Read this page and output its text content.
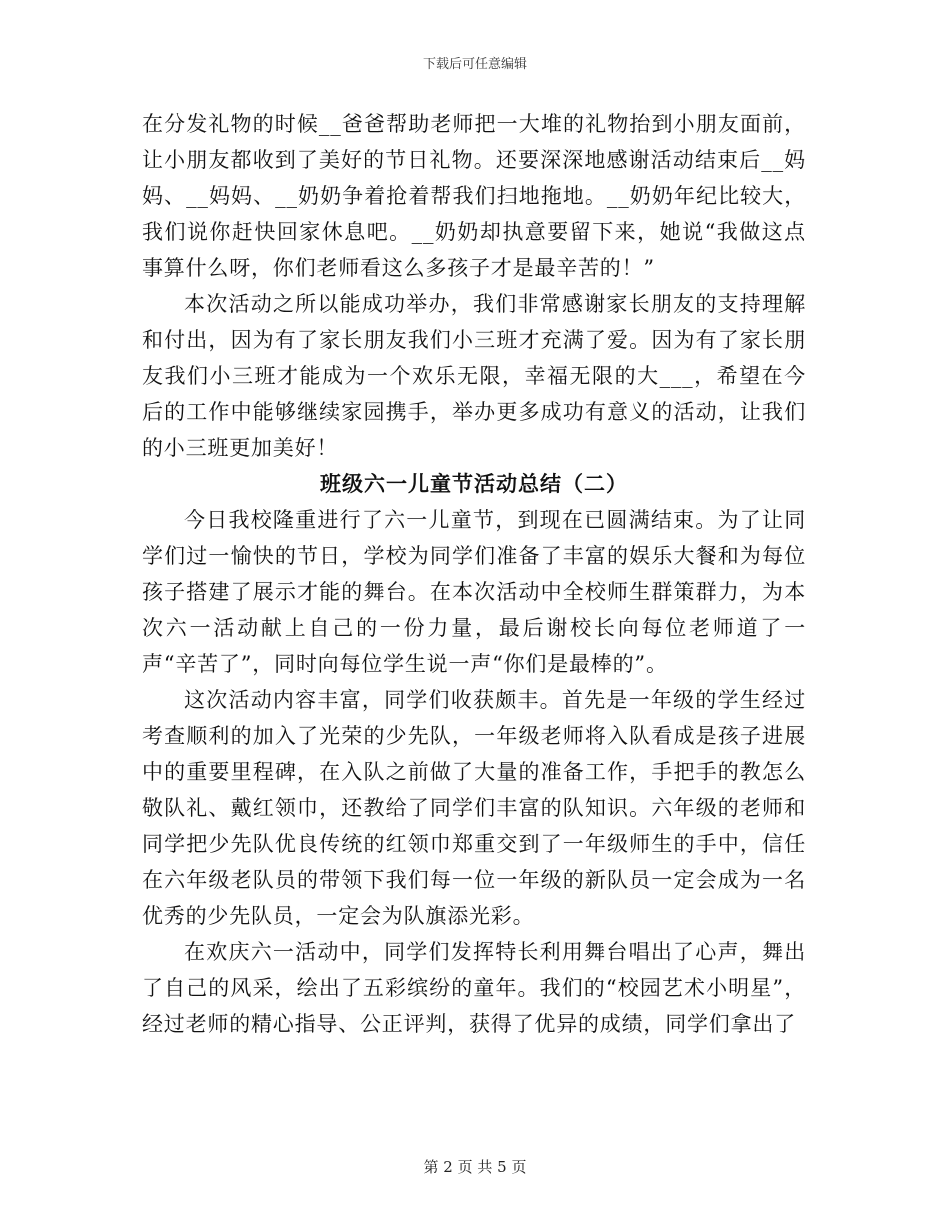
下载后可任意编辑

在分发礼物的时候__爸爸帮助老师把一大堆的礼物抬到小朋友面前，让小朋友都收到了美好的节日礼物。还要深深地感谢活动结束后__妈妈、__妈妈、__奶奶争着抢着帮我们扫地拖地。__奶奶年纪比较大，我们说你赶快回家休息吧。__奶奶却执意要留下来，她说“我做这点事算什么呀，你们老师看这么多孩子才是最辛苦的！”

本次活动之所以能成功举办，我们非常感谢家长朋友的支持理解和付出，因为有了家长朋友我们小三班才充满了爱。因为有了家长朋友我们小三班才能成为一个欢乐无限，幸福无限的大___，希望在今后的工作中能够继续家园携手，举办更多成功有意义的活动，让我们的小三班更加美好！

班级六一儿童节活动总结（二）

今日我校隆重进行了六一儿童节，到现在已圆满结束。为了让同学们过一愉快的节日，学校为同学们准备了丰富的娱乐大餐和为每位孩子搭建了展示才能的舞台。在本次活动中全校师生群策群力，为本次六一活动献上自己的一份力量，最后谢校长向每位老师道了一声“辛苦了”，同时向每位学生说一声“你们是最棒的”。

这次活动内容丰富，同学们收获颇丰。首先是一年级的学生经过考查顺利的加入了光荣的少先队，一年级老师将入队看成是孩子进展中的重要里程碑，在入队之前做了大量的准备工作，手把手的教怎么敬队礼、戴红领巾，还教给了同学们丰富的队知识。六年级的老师和同学把少先队优良传统的红领巾郑重交到了一年级师生的手中，信任在六年级老队员的带领下我们每一位一年级的新队员一定会成为一名优秀的少先队员，一定会为队旗添光彩。

在欢庆六一活动中，同学们发挥特长利用舞台唱出了心声，舞出了自己的风采，绘出了五彩缤纷的童年。我们的“校园艺术小明星”，经过老师的精心指导、公正评判，获得了优异的成绩，同学们拿出了

第 2 页 共 5 页
